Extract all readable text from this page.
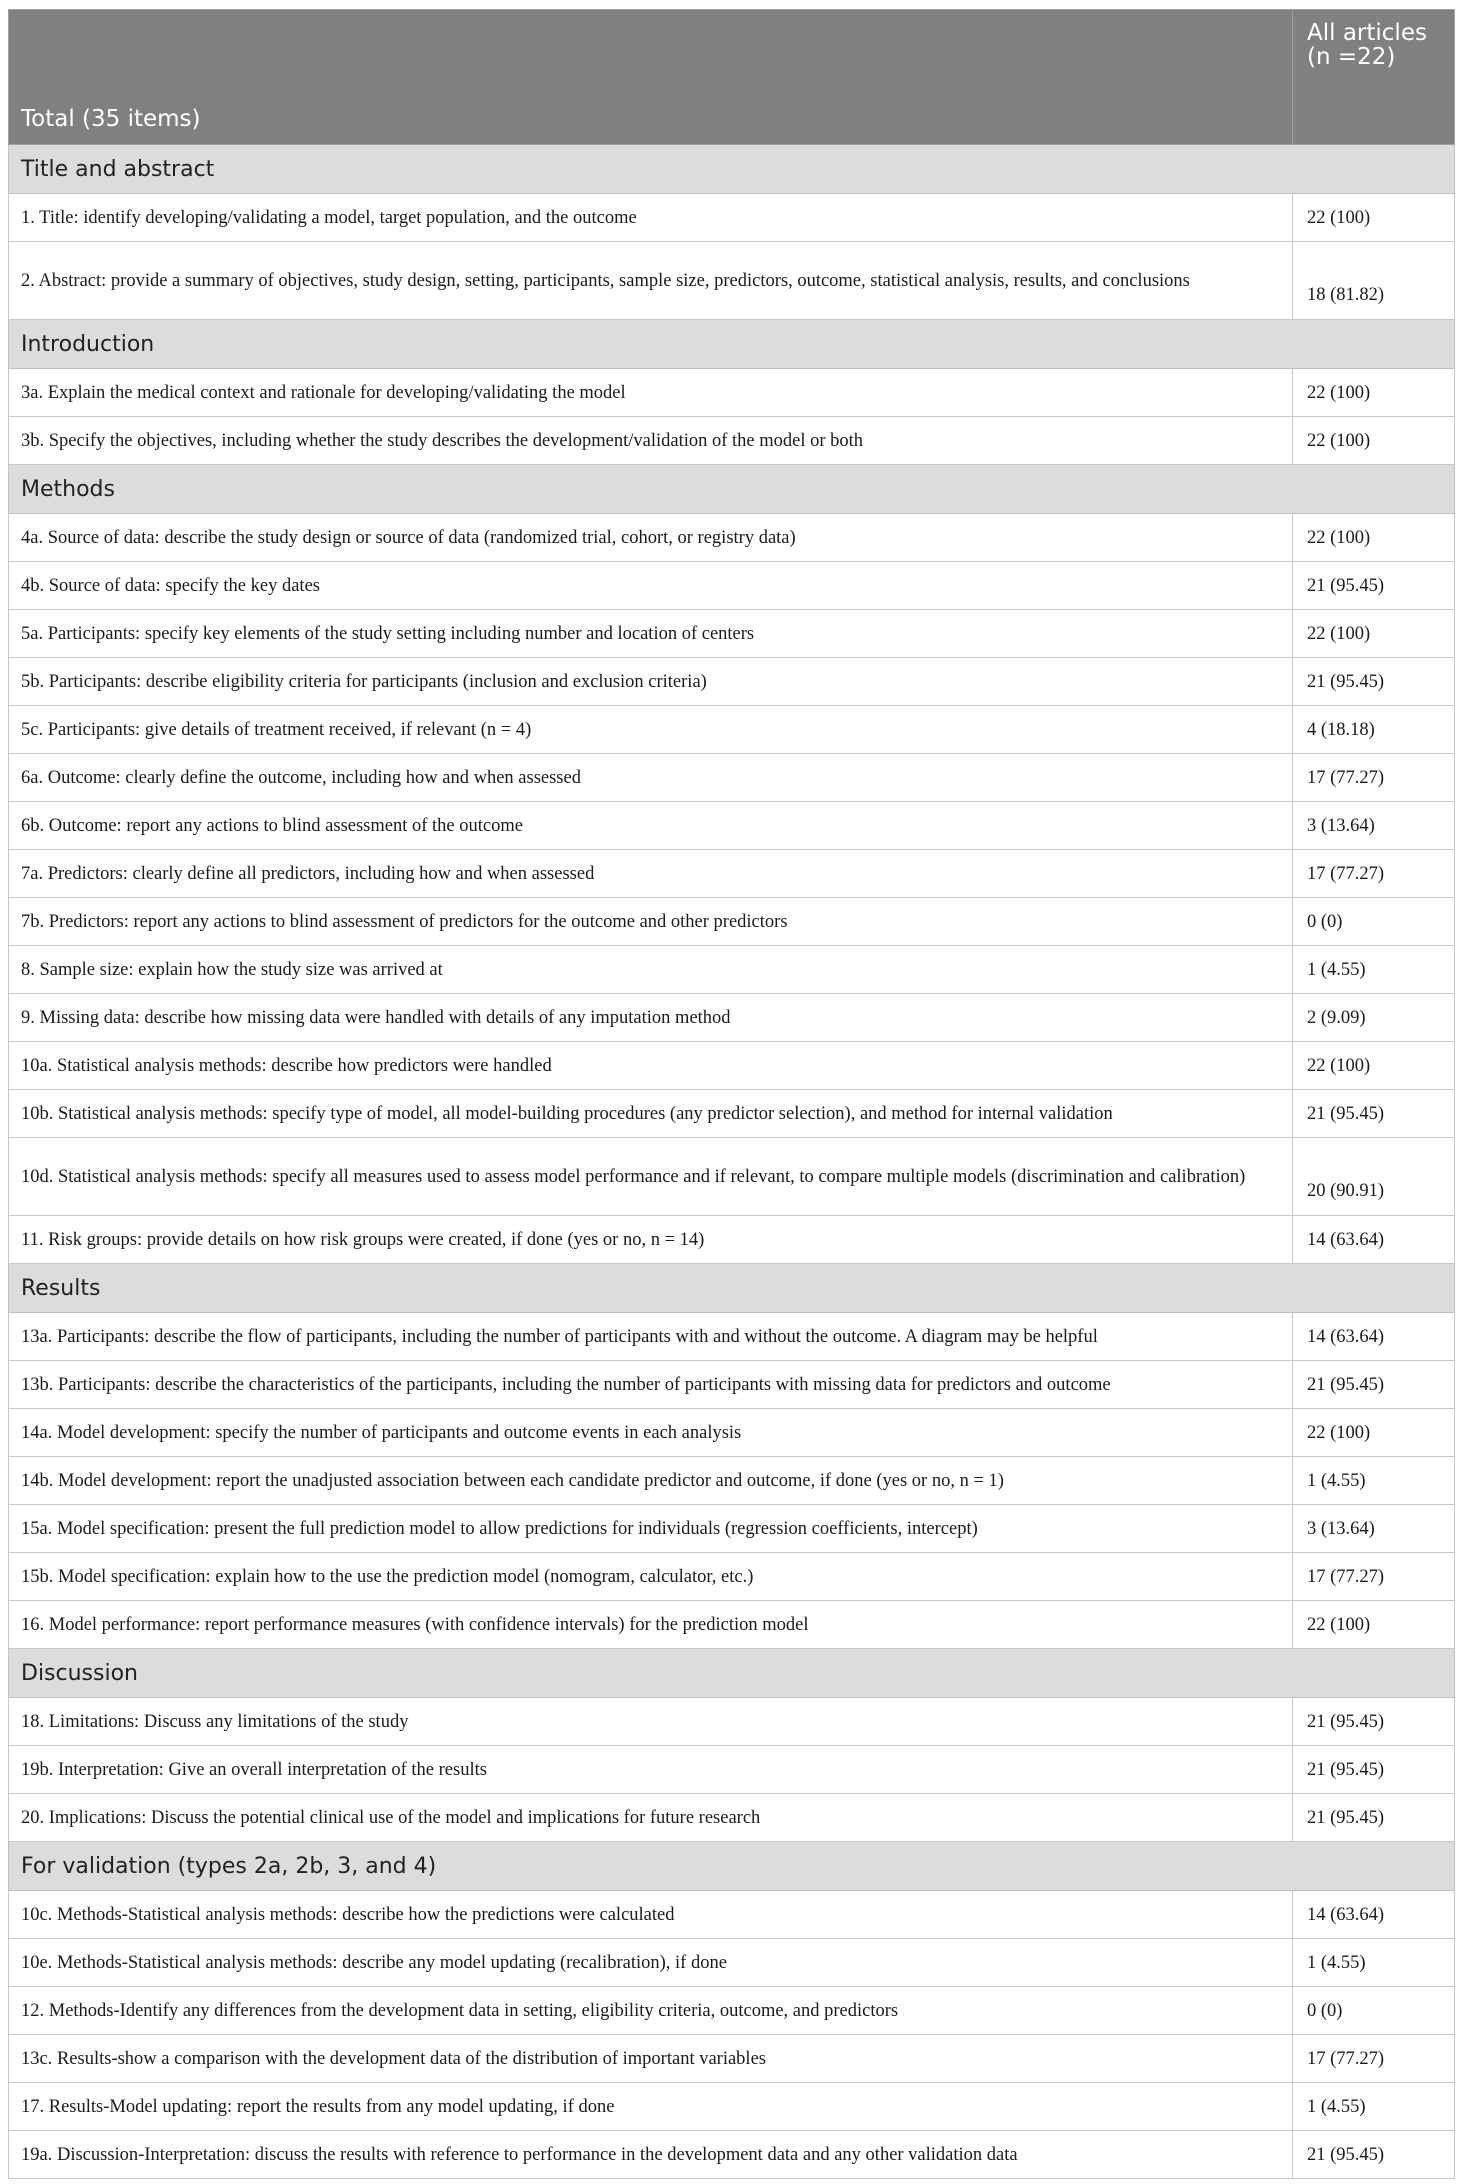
Total (35 items)	All articles
(n =22)

Title and abstract	
1. Title: identify developing/validating a model, target population, and the outcome	22 (100)
2. Abstract: provide a summary of objectives, study design, setting, participants, sample size, predictors, outcome, statistical analysis, results, and conclusions	18 (81.82)
Introduction	
3a. Explain the medical context and rationale for developing/validating the model	22 (100)
3b. Specify the objectives, including whether the study describes the development/validation of the model or both	22 (100)
Methods	
4a. Source of data: describe the study design or source of data (randomized trial, cohort, or registry data)	22 (100)
4b. Source of data: specify the key dates	21 (95.45)
5a. Participants: specify key elements of the study setting including number and location of centers	22 (100)
5b. Participants: describe eligibility criteria for participants (inclusion and exclusion criteria)	21 (95.45)
5c. Participants: give details of treatment received, if relevant (n = 4)	4 (18.18)
6a. Outcome: clearly define the outcome, including how and when assessed	17 (77.27)
6b. Outcome: report any actions to blind assessment of the outcome	3 (13.64)
7a. Predictors: clearly define all predictors, including how and when assessed	17 (77.27)
7b. Predictors: report any actions to blind assessment of predictors for the outcome and other predictors	0 (0)
8. Sample size: explain how the study size was arrived at	1 (4.55)
9. Missing data: describe how missing data were handled with details of any imputation method	2 (9.09)
10a. Statistical analysis methods: describe how predictors were handled	22 (100)
10b. Statistical analysis methods: specify type of model, all model-building procedures (any predictor selection), and method for internal validation	21 (95.45)
10d. Statistical analysis methods: specify all measures used to assess model performance and if relevant, to compare multiple models (discrimination and calibration)	20 (90.91)
11. Risk groups: provide details on how risk groups were created, if done (yes or no, n = 14)	14 (63.64)
Results	
13a. Participants: describe the flow of participants, including the number of participants with and without the outcome. A diagram may be helpful	14 (63.64)
13b. Participants: describe the characteristics of the participants, including the number of participants with missing data for predictors and outcome	21 (95.45)
14a. Model development: specify the number of participants and outcome events in each analysis	22 (100)
14b. Model development: report the unadjusted association between each candidate predictor and outcome, if done (yes or no, n = 1)	1 (4.55)
15a. Model specification: present the full prediction model to allow predictions for individuals (regression coefficients, intercept)	3 (13.64)
15b. Model specification: explain how to the use the prediction model (nomogram, calculator, etc.)	17 (77.27)
16. Model performance: report performance measures (with confidence intervals) for the prediction model	22 (100)
Discussion	
18. Limitations: Discuss any limitations of the study	21 (95.45)
19b. Interpretation: Give an overall interpretation of the results	21 (95.45)
20. Implications: Discuss the potential clinical use of the model and implications for future research	21 (95.45)
For validation (types 2a, 2b, 3, and 4)	
10c. Methods-Statistical analysis methods: describe how the predictions were calculated	14 (63.64)
10e. Methods-Statistical analysis methods: describe any model updating (recalibration), if done	1 (4.55)
12. Methods-Identify any differences from the development data in setting, eligibility criteria, outcome, and predictors	0 (0)
13c. Results-show a comparison with the development data of the distribution of important variables	17 (77.27)
17. Results-Model updating: report the results from any model updating, if done	1 (4.55)
19a. Discussion-Interpretation: discuss the results with reference to performance in the development data and any other validation data	21 (95.45)
